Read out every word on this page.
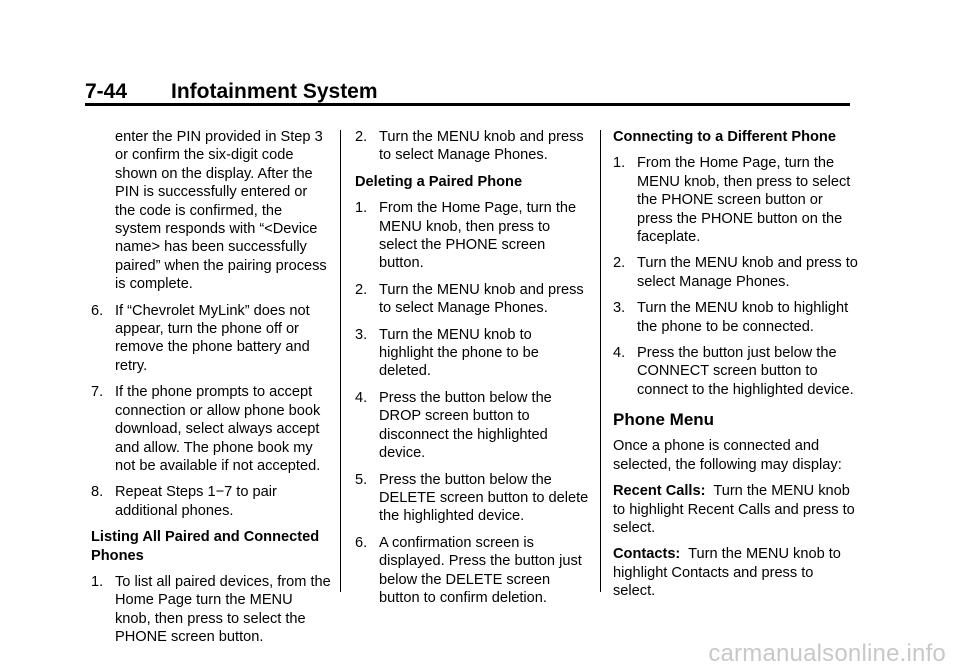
7-44 Infotainment System

enter the PIN provided in Step 3 or confirm the six-digit code shown on the display. After the PIN is successfully entered or the code is confirmed, the system responds with “<Device name> has been successfully paired” when the pairing process is complete.

6. If “Chevrolet MyLink” does not appear, turn the phone off or remove the phone battery and retry.
7. If the phone prompts to accept connection or allow phone book download, select always accept and allow. The phone book my not be available if not accepted.
8. Repeat Steps 1−7 to pair additional phones.

Listing All Paired and Connected Phones

1. To list all paired devices, from the Home Page turn the MENU knob, then press to select the PHONE screen button.
2. Turn the MENU knob and press to select Manage Phones.

Deleting a Paired Phone

1. From the Home Page, turn the MENU knob, then press to select the PHONE screen button.
2. Turn the MENU knob and press to select Manage Phones.
3. Turn the MENU knob to highlight the phone to be deleted.
4. Press the button below the DROP screen button to disconnect the highlighted device.
5. Press the button below the DELETE screen button to delete the highlighted device.
6. A confirmation screen is displayed. Press the button just below the DELETE screen button to confirm deletion.

Connecting to a Different Phone

1. From the Home Page, turn the MENU knob, then press to select the PHONE screen button or press the PHONE button on the faceplate.
2. Turn the MENU knob and press to select Manage Phones.
3. Turn the MENU knob to highlight the phone to be connected.
4. Press the button just below the CONNECT screen button to connect to the highlighted device.

Phone Menu

Once a phone is connected and selected, the following may display:

Recent Calls: Turn the MENU knob to highlight Recent Calls and press to select.

Contacts: Turn the MENU knob to highlight Contacts and press to select.

carmanualsonline.info
